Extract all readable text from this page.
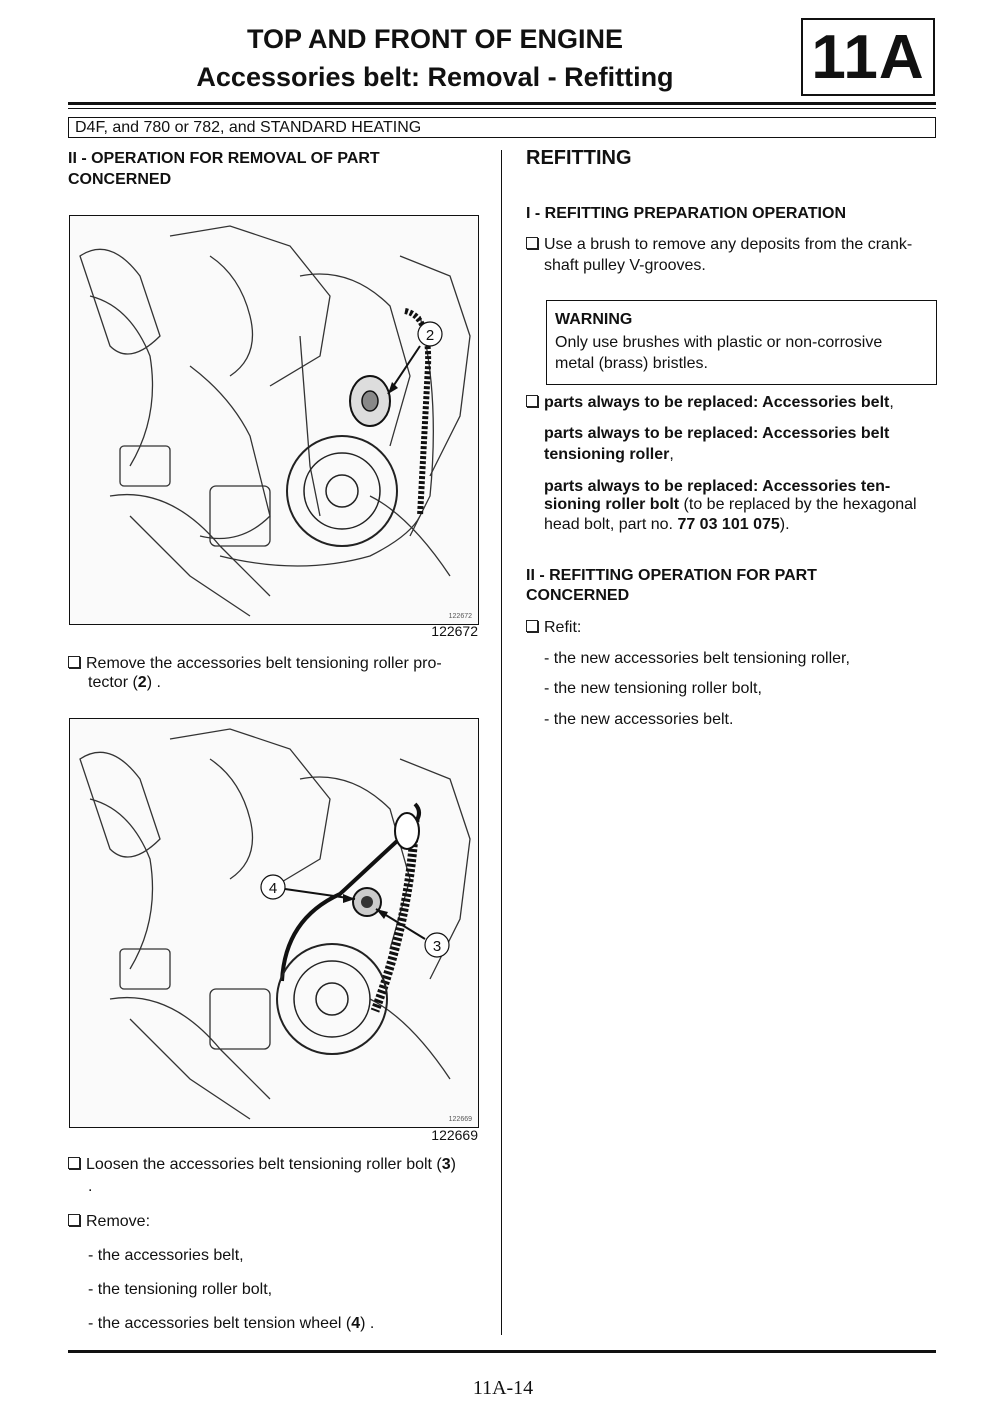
TOP AND FRONT OF ENGINE
Accessories belt: Removal - Refitting	11A
D4F, and 780 or 782, and STANDARD HEATING
II - OPERATION FOR REMOVAL OF PART
CONCERNED
2
122672
122672
Remove the accessories belt tensioning roller pro-
tector (2) .
4
3
122669
122669
Loosen the accessories belt tensioning roller bolt (3)
.
Remove:
- the accessories belt,
- the tensioning roller bolt,
- the accessories belt tension wheel (4) .
REFITTING
I - REFITTING PREPARATION OPERATION
Use a brush to remove any deposits from the crank-
shaft pulley V-grooves.
WARNING
Only use brushes with plastic or non-corrosive
metal (brass) bristles.
parts always to be replaced: Accessories belt,
parts always to be replaced: Accessories belt
tensioning roller,
parts always to be replaced: Accessories ten-
sioning roller bolt (to be replaced by the hexagonal
head bolt, part no. 77 03 101 075).
II - REFITTING OPERATION FOR PART
CONCERNED
Refit:
- the new accessories belt tensioning roller,
- the new tensioning roller bolt,
- the new accessories belt.
11A-14
